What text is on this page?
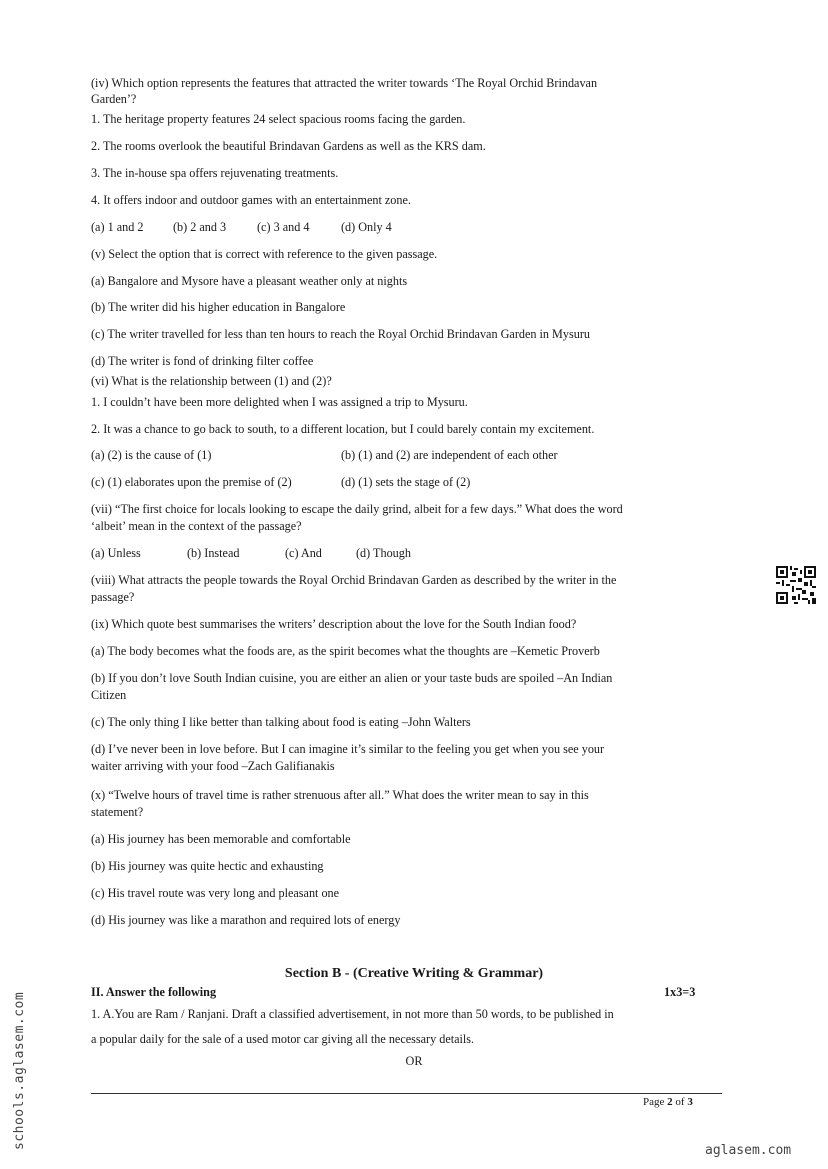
(iv) Which option represents the features that attracted the writer towards ‘The Royal Orchid Brindavan
Garden’?
1. The heritage property features 24 select spacious rooms facing the garden.
2. The rooms overlook the beautiful Brindavan Gardens as well as the KRS dam.
3. The in-house spa offers rejuvenating treatments.
4. It offers indoor and outdoor games with an entertainment zone.
(a) 1 and 2 (b) 2 and 3	(c) 3 and 4	(d) Only 4
(v) Select the option that is correct with reference to the given passage.
(a) Bangalore and Mysore have a pleasant weather only at nights
(b) The writer did his higher education in Bangalore
(c) The writer travelled for less than ten hours to reach the Royal Orchid Brindavan Garden in Mysuru
(d) The writer is fond of drinking filter coffee
(vi) What is the relationship between (1) and (2)?
1. I couldn’t have been more delighted when I was assigned a trip to Mysuru.
2. It was a chance to go back to south, to a different location, but I could barely contain my excitement.
(a) (2) is the cause of (1)	(b) (1) and (2) are independent of each other
(c) (1) elaborates upon the premise of (2)	(d) (1) sets the stage of (2)
(vii) “The first choice for locals looking to escape the daily grind, albeit for a few days.” What does the word
‘albeit’ mean in the context of the passage?
(a) Unless	(b) Instead	(c) And	(d) Though
(viii) What attracts the people towards the Royal Orchid Brindavan Garden as described by the writer in the
passage?
(ix) Which quote best summarises the writers’ description about the love for the South Indian food?
(a) The body becomes what the foods are, as the spirit becomes what the thoughts are –Kemetic Proverb
(b) If you don’t love South Indian cuisine, you are either an alien or your taste buds are spoiled –An Indian
Citizen
(c) The only thing I like better than talking about food is eating –John Walters
(d) I’ve never been in love before. But I can imagine it’s similar to the feeling you get when you see your
waiter arriving with your food –Zach Galifianakis
(x) “Twelve hours of travel time is rather strenuous after all.” What does the writer mean to say in this
statement?
(a) His journey has been memorable and comfortable
(b) His journey was quite hectic and exhausting
(c) His travel route was very long and pleasant one
(d) His journey was like a marathon and required lots of energy
Section B - (Creative Writing & Grammar)
II. Answer the following	1x3=3
1. A.You are Ram / Ranjani. Draft a classified advertisement, in not more than 50 words, to be published in
a popular daily for the sale of a used motor car giving all the necessary details.
OR
Page 2 of 3
schools.aglasem.com
aglasem.com
